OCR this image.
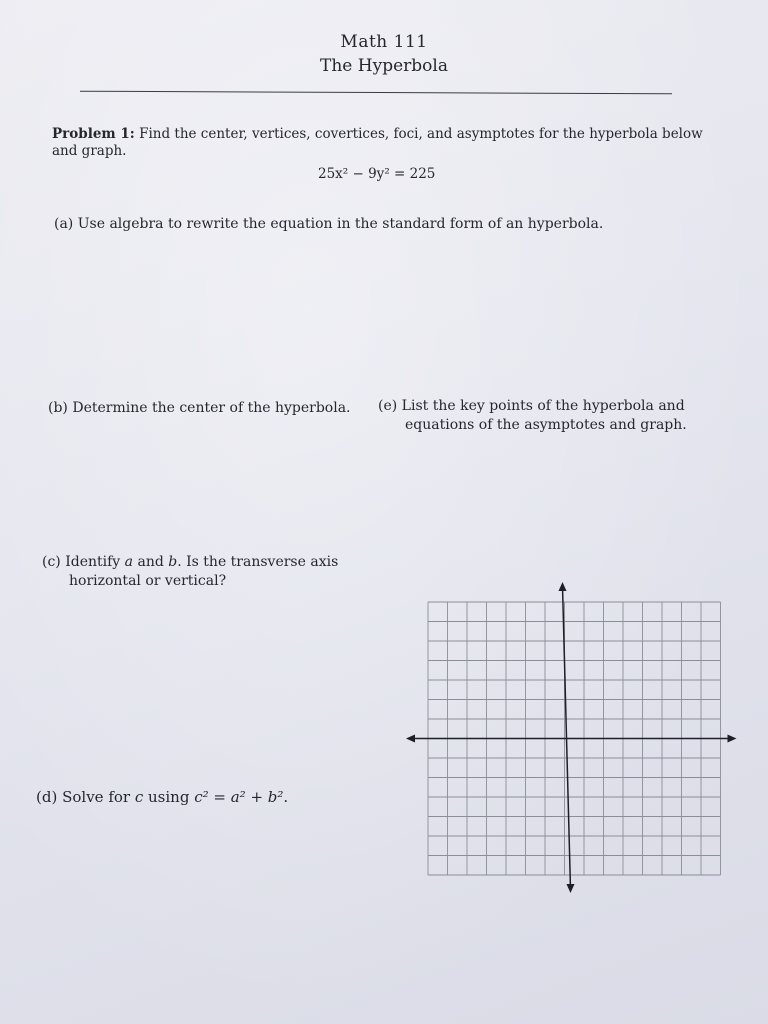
Math 111
The Hyperbola
Problem 1: Find the center, vertices, covertices, foci, and asymptotes for the hyperbola below and graph.
25x² − 9y² = 225
(a) Use algebra to rewrite the equation in the standard form of an hyperbola.
(b) Determine the center of the hyperbola.	(e) List the key points of the hyperbola and
equations of the asymptotes and graph.
(c) Identify a and b. Is the transverse axis
horizontal or vertical?
(d) Solve for c using c² = a² + b².
